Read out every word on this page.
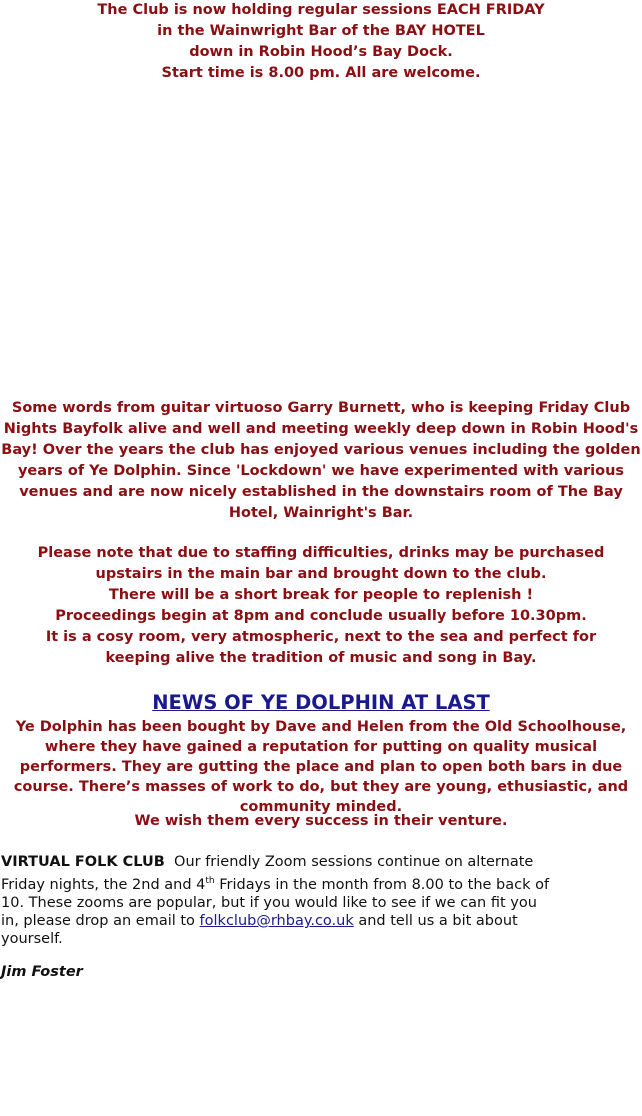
The Club is now holding regular sessions EACH FRIDAY
in the Wainwright Bar of the BAY HOTEL
down in Robin Hood’s Bay Dock.
Start time is 8.00 pm. All are welcome.
Some words from guitar virtuoso Garry Burnett, who is keeping Friday Club Nights Bayfolk alive and well and meeting weekly deep down in Robin Hood's Bay! Over the years the club has enjoyed various venues including the golden years of Ye Dolphin. Since 'Lockdown' we have experimented with various venues and are now nicely established in the downstairs room of The Bay Hotel, Wainright's Bar.
Please note that due to staffing difficulties, drinks may be purchased
upstairs in the main bar and brought down to the club.
There will be a short break for people to replenish !
Proceedings begin at 8pm and conclude usually before 10.30pm.
It is a cosy room, very atmospheric, next to the sea and perfect for
keeping alive the tradition of music and song in Bay.
NEWS OF YE DOLPHIN AT LAST
Ye Dolphin has been bought by Dave and Helen from the Old Schoolhouse, where they have gained a reputation for putting on quality musical performers. They are gutting the place and plan to open both bars in due course. There’s masses of work to do, but they are young, ethusiastic, and community minded.
We wish them every success in their venture.
VIRTUAL FOLK CLUB Our friendly Zoom sessions continue on alternate
Friday nights, the 2nd and 4th Fridays in the month from 8.00 to the back of
10. These zooms are popular, but if you would like to see if we can fit you
in, please drop an email to folkclub@rhbay.co.uk and tell us a bit about
yourself.
Jim Foster
